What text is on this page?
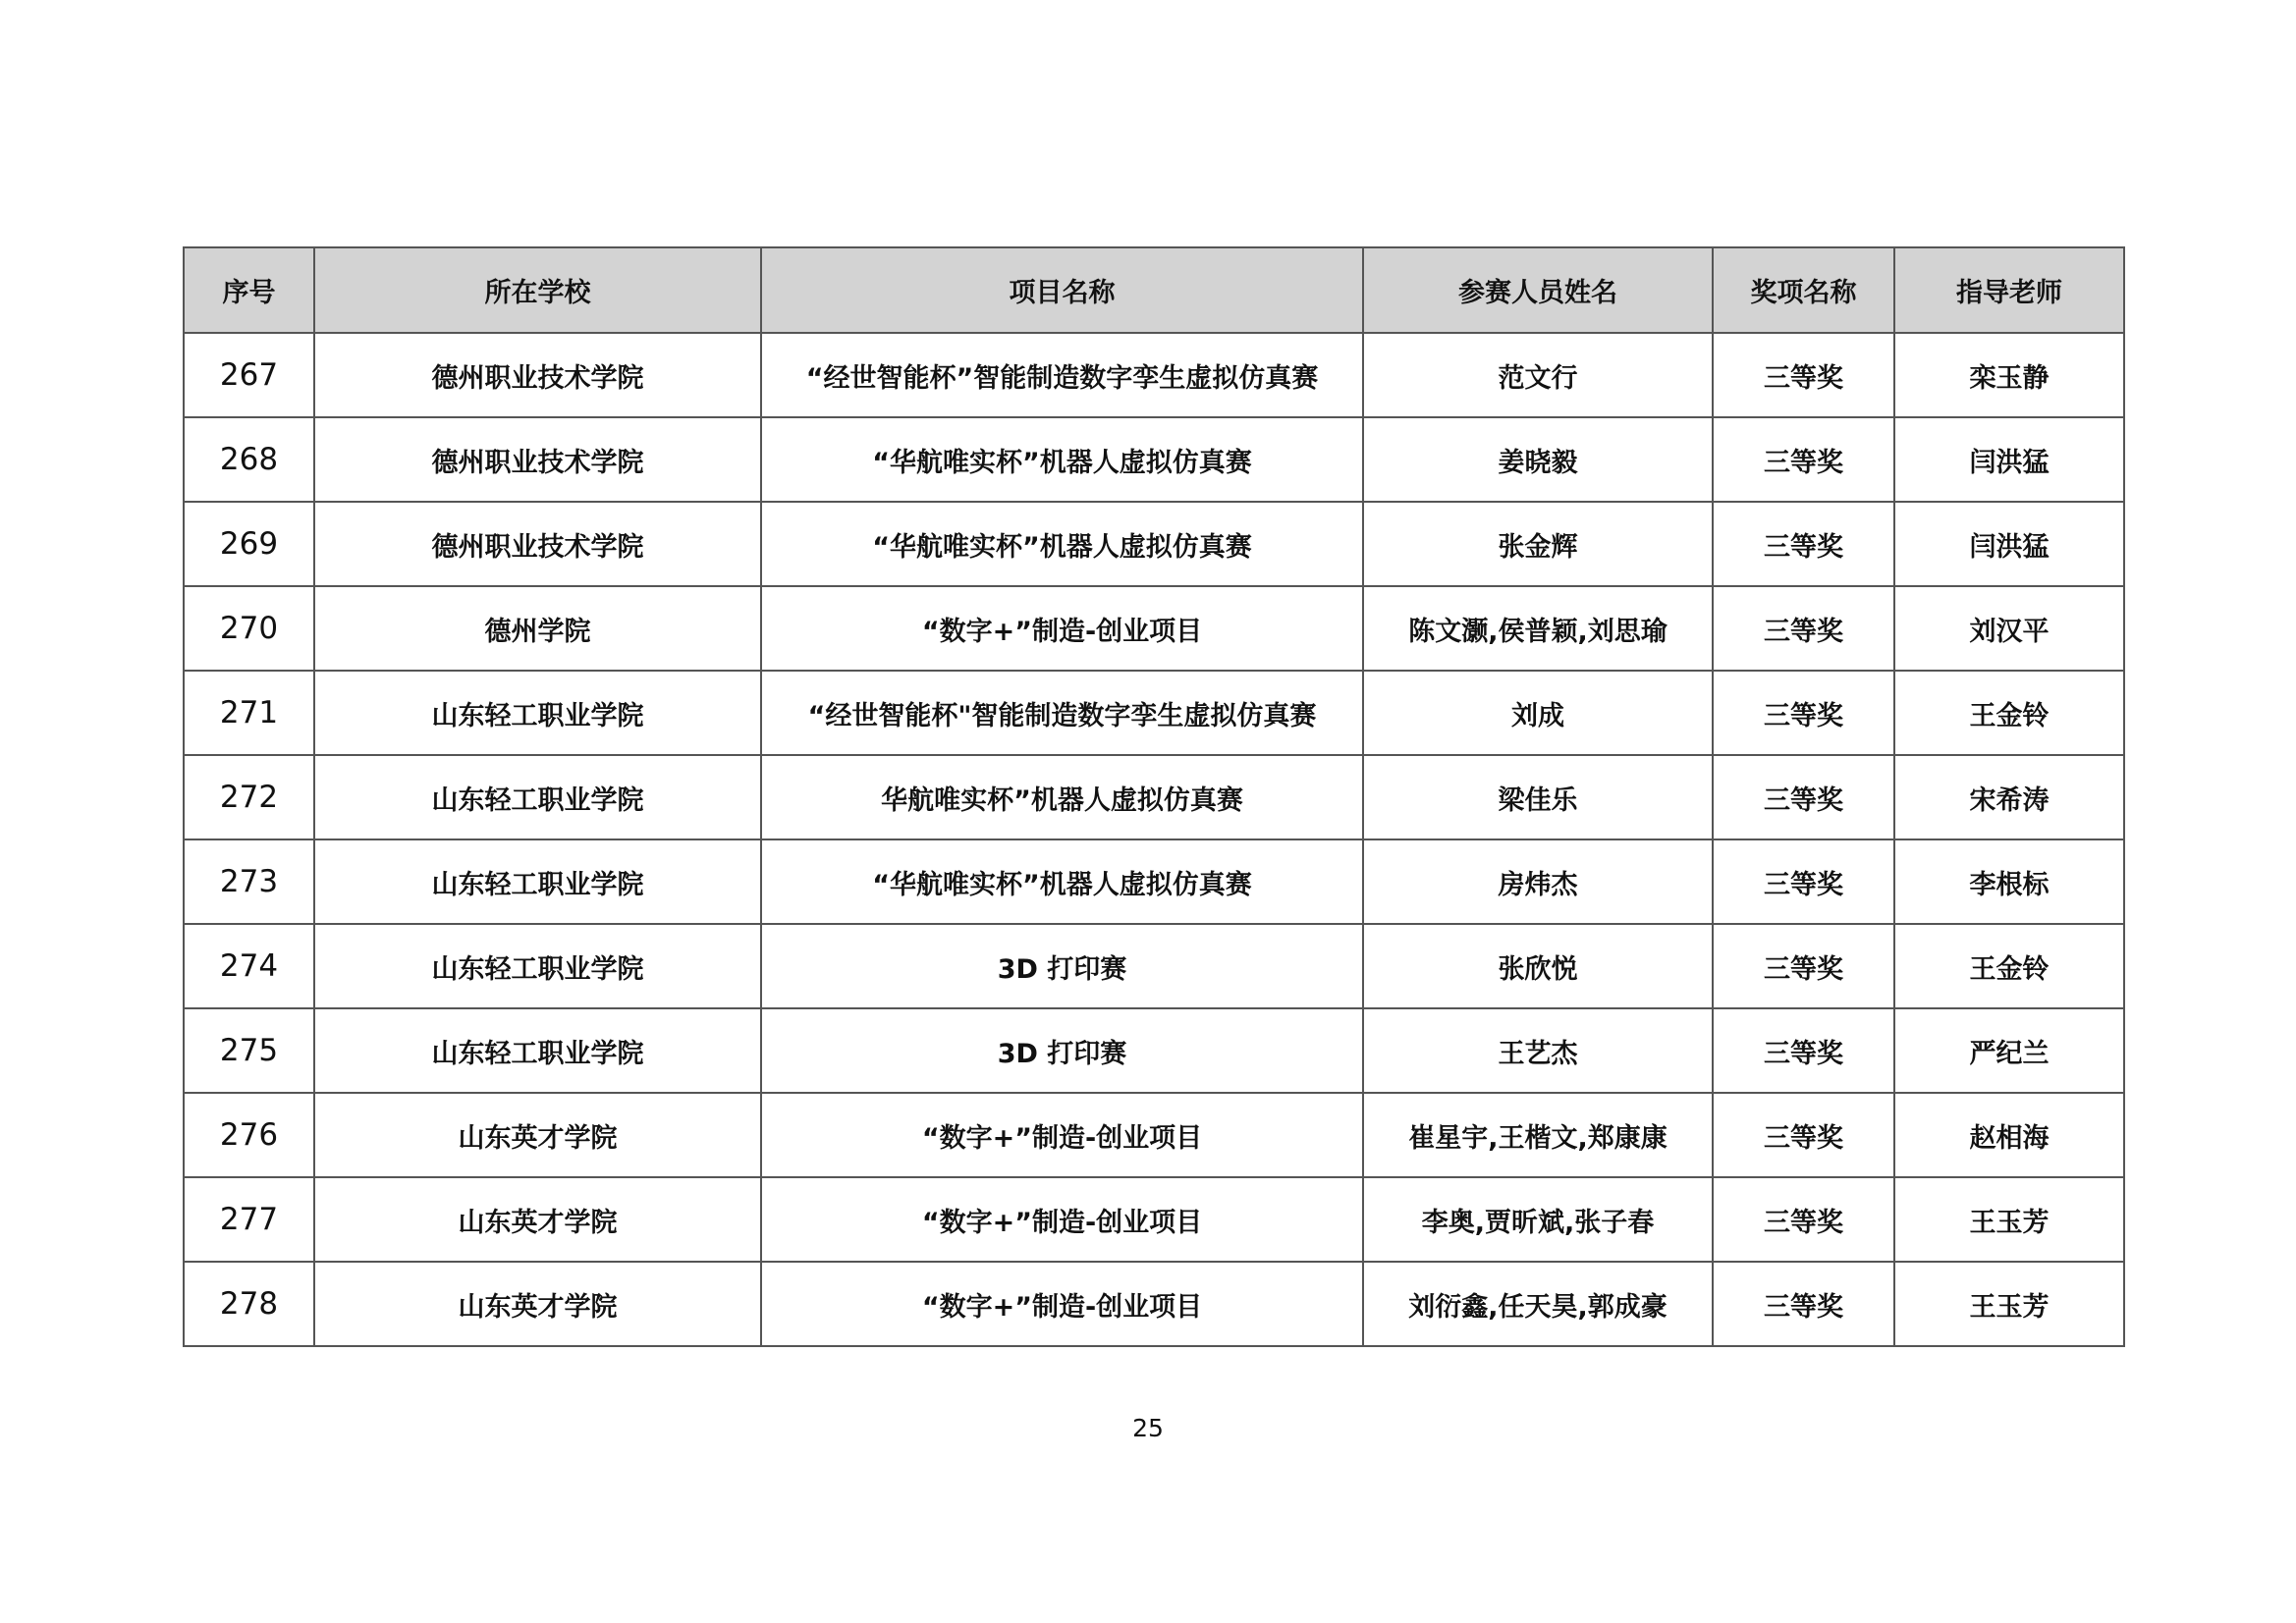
序号	所在学校	项目名称	参赛人员姓名	奖项名称	指导老师
267	德州职业技术学院	“经世智能杯”智能制造数字孪生虚拟仿真赛	范文行	三等奖	栾玉静
268	德州职业技术学院	“华航唯实杯”机器人虚拟仿真赛	姜晓毅	三等奖	闫洪猛
269	德州职业技术学院	“华航唯实杯”机器人虚拟仿真赛	张金辉	三等奖	闫洪猛
270	德州学院	“数字+”制造-创业项目	陈文灏,侯普颖,刘思瑜	三等奖	刘汉平
271	山东轻工职业学院	“经世智能杯"智能制造数字孪生虚拟仿真赛	刘成	三等奖	王金铃
272	山东轻工职业学院	华航唯实杯”机器人虚拟仿真赛	梁佳乐	三等奖	宋希涛
273	山东轻工职业学院	“华航唯实杯”机器人虚拟仿真赛	房炜杰	三等奖	李根标
274	山东轻工职业学院	3D 打印赛	张欣悦	三等奖	王金铃
275	山东轻工职业学院	3D 打印赛	王艺杰	三等奖	严纪兰
276	山东英才学院	“数字+”制造-创业项目	崔星宇,王楷文,郑康康	三等奖	赵相海
277	山东英才学院	“数字+”制造-创业项目	李奥,贾昕斌,张子春	三等奖	王玉芳
278	山东英才学院	“数字+”制造-创业项目	刘衍鑫,任天昊,郭成豪	三等奖	王玉芳
25
